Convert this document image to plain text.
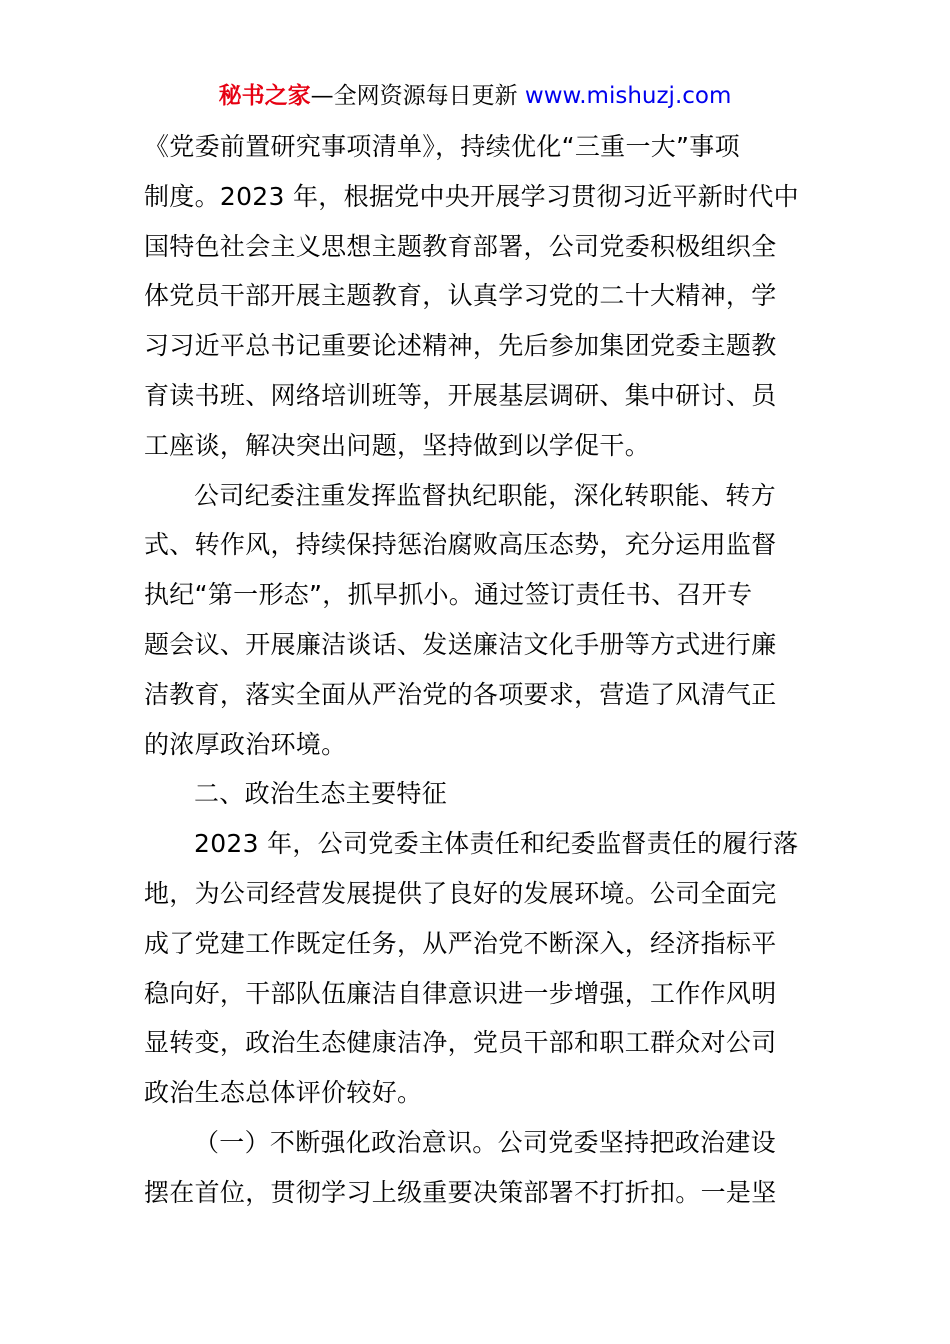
秘书之家—全网资源每日更新 www.mishuzj.com
《党委前置研究事项清单》，持续优化“三重一大”事项
制度。2023 年，根据党中央开展学习贯彻习近平新时代中
国特色社会主义思想主题教育部署，公司党委积极组织全
体党员干部开展主题教育，认真学习党的二十大精神，学
习习近平总书记重要论述精神，先后参加集团党委主题教
育读书班、网络培训班等，开展基层调研、集中研讨、员
工座谈，解决突出问题，坚持做到以学促干。
公司纪委注重发挥监督执纪职能，深化转职能、转方
式、转作风，持续保持惩治腐败高压态势，充分运用监督
执纪“第一形态”，抓早抓小。通过签订责任书、召开专
题会议、开展廉洁谈话、发送廉洁文化手册等方式进行廉
洁教育，落实全面从严治党的各项要求，营造了风清气正
的浓厚政治环境。
二、政治生态主要特征
2023 年，公司党委主体责任和纪委监督责任的履行落
地，为公司经营发展提供了良好的发展环境。公司全面完
成了党建工作既定任务，从严治党不断深入，经济指标平
稳向好，干部队伍廉洁自律意识进一步增强，工作作风明
显转变，政治生态健康洁净，党员干部和职工群众对公司
政治生态总体评价较好。
（一）不断强化政治意识。公司党委坚持把政治建设
摆在首位，贯彻学习上级重要决策部署不打折扣。一是坚
